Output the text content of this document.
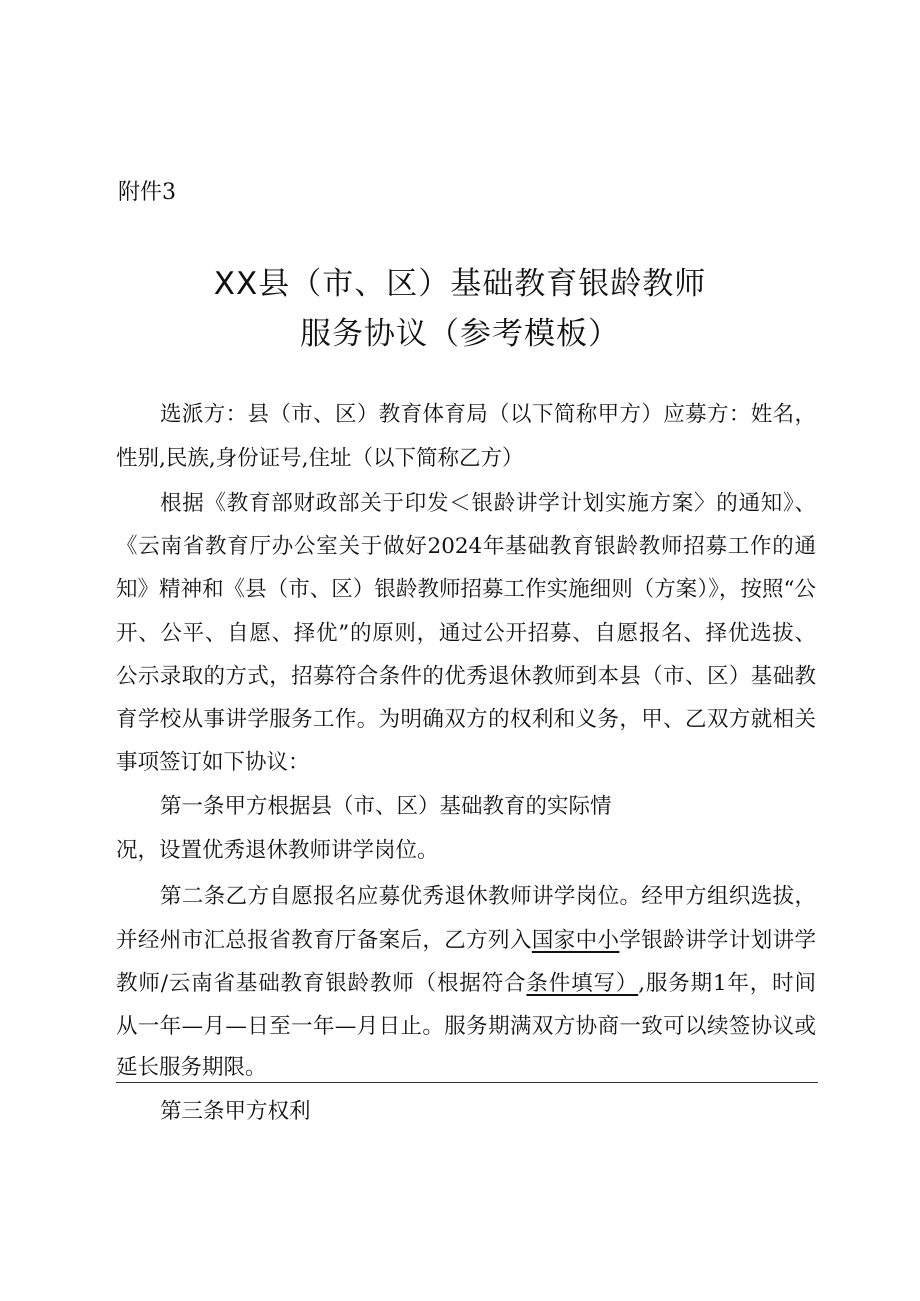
附件3
XX县（市、区）基础教育银龄教师
服务协议（参考模板）
选派方：县（市、区）教育体育局（以下简称甲方）应募方：姓名，
性别,民族,身份证号,住址（以下简称乙方）
根据《教育部财政部关于印发＜银龄讲学计划实施方案〉的通知》、
《云南省教育厅办公室关于做好2024年基础教育银龄教师招募工作的通
知》精神和《县（市、区）银龄教师招募工作实施细则（方案）》，按照“公
开、公平、自愿、择优”的原则，通过公开招募、自愿报名、择优选拔、
公示录取的方式，招募符合条件的优秀退休教师到本县（市、区）基础教
育学校从事讲学服务工作。为明确双方的权利和义务，甲、乙双方就相关
事项签订如下协议：
第一条甲方根据县（市、区）基础教育的实际情
况，设置优秀退休教师讲学岗位。
第二条乙方自愿报名应募优秀退休教师讲学岗位。经甲方组织选拔，
并经州市汇总报省教育厅备案后，乙方列入国家中小学银龄讲学计划讲学
教师/云南省基础教育银龄教师（根据符合条件填写）,服务期1年，时间
从一年—月—日至一年—月日止。服务期满双方协商一致可以续签协议或
延长服务期限。
第三条甲方权利
